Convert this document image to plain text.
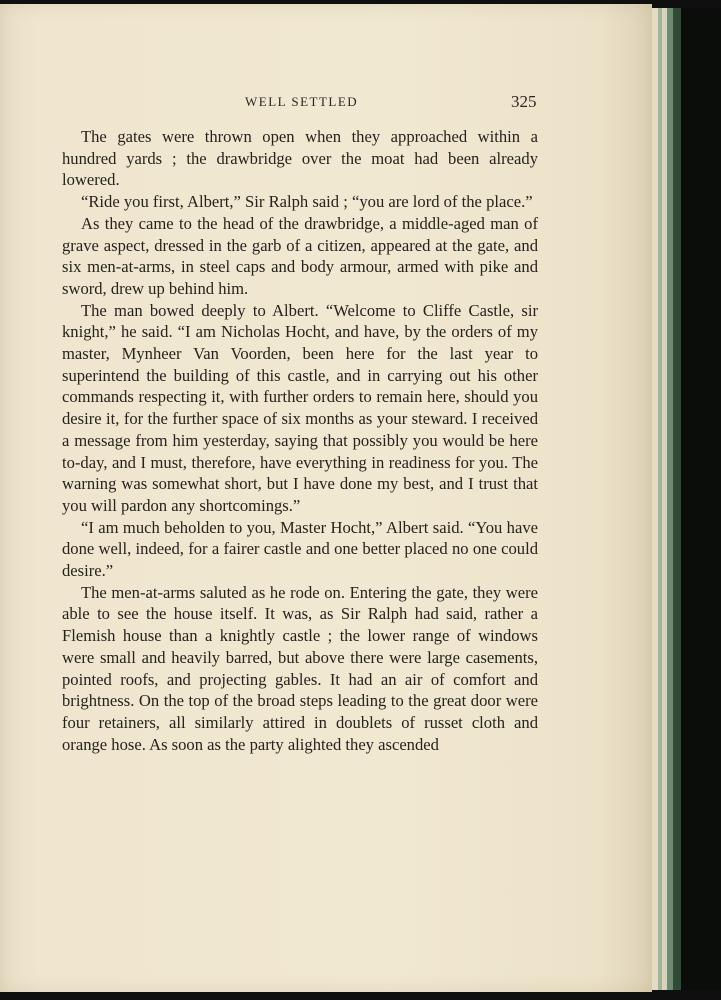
WELL SETTLED	325

The gates were thrown open when they approached within a hundred yards ; the drawbridge over the moat had been already lowered.

“Ride you first, Albert,” Sir Ralph said ; “you are lord of the place.”

As they came to the head of the drawbridge, a middle-aged man of grave aspect, dressed in the garb of a citizen, appeared at the gate, and six men-at-arms, in steel caps and body armour, armed with pike and sword, drew up behind him.

The man bowed deeply to Albert. “Welcome to Cliffe Castle, sir knight,” he said. “I am Nicholas Hocht, and have, by the orders of my master, Mynheer Van Voorden, been here for the last year to superintend the building of this castle, and in carrying out his other commands respecting it, with further orders to remain here, should you desire it, for the further space of six months as your steward. I received a message from him yesterday, saying that possibly you would be here to-day, and I must, therefore, have everything in readiness for you. The warning was somewhat short, but I have done my best, and I trust that you will pardon any shortcomings.”

“I am much beholden to you, Master Hocht,” Albert said. “You have done well, indeed, for a fairer castle and one better placed no one could desire.”

The men-at-arms saluted as he rode on. Entering the gate, they were able to see the house itself. It was, as Sir Ralph had said, rather a Flemish house than a knightly castle ; the lower range of windows were small and heavily barred, but above there were large casements, pointed roofs, and projecting gables. It had an air of comfort and brightness. On the top of the broad steps leading to the great door were four retainers, all similarly attired in doublets of russet cloth and orange hose. As soon as the party alighted they ascended
